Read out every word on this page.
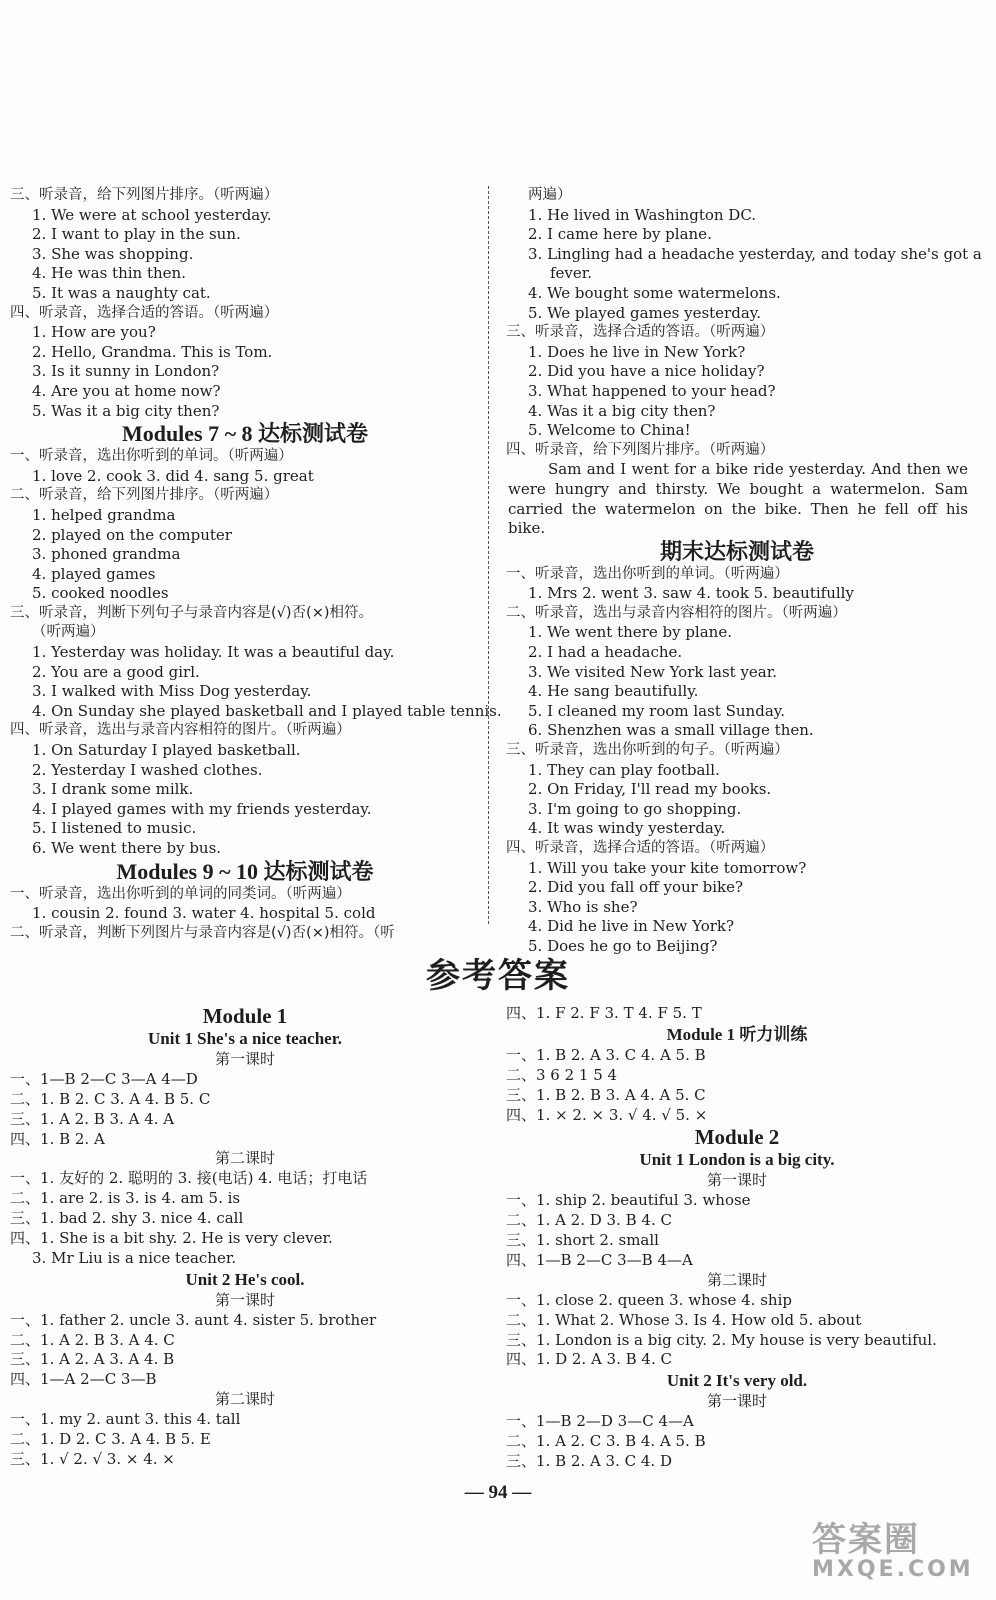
三、听录音，给下列图片排序。（听两遍）
1. We were at school yesterday.
2. I want to play in the sun.
3. She was shopping.
4. He was thin then.
5. It was a naughty cat.
四、听录音，选择合适的答语。（听两遍）
1. How are you?
2. Hello, Grandma. This is Tom.
3. Is it sunny in London?
4. Are you at home now?
5. Was it a big city then?
Modules 7 ~ 8 达标测试卷
一、听录音，选出你听到的单词。（听两遍）
1. love 2. cook 3. did 4. sang 5. great
二、听录音，给下列图片排序。（听两遍）
1. helped grandma
2. played on the computer
3. phoned grandma
4. played games
5. cooked noodles
三、听录音，判断下列句子与录音内容是(√)否(×)相符。
（听两遍）
1. Yesterday was holiday. It was a beautiful day.
2. You are a good girl.
3. I walked with Miss Dog yesterday.
4. On Sunday she played basketball and I played table tennis.
四、听录音，选出与录音内容相符的图片。（听两遍）
1. On Saturday I played basketball.
2. Yesterday I washed clothes.
3. I drank some milk.
4. I played games with my friends yesterday.
5. I listened to music.
6. We went there by bus.
Modules 9 ~ 10 达标测试卷
一、听录音，选出你听到的单词的同类词。（听两遍）
1. cousin 2. found 3. water 4. hospital 5. cold
二、听录音，判断下列图片与录音内容是(√)否(×)相符。（听
两遍）
1. He lived in Washington DC.
2. I came here by plane.
3. Lingling had a headache yesterday, and today she's got a
fever.
4. We bought some watermelons.
5. We played games yesterday.
三、听录音，选择合适的答语。（听两遍）
1. Does he live in New York?
2. Did you have a nice holiday?
3. What happened to your head?
4. Was it a big city then?
5. Welcome to China!
四、听录音，给下列图片排序。（听两遍）
Sam and I went for a bike ride yesterday. And then we were hungry and thirsty. We bought a watermelon. Sam carried the watermelon on the bike. Then he fell off his bike.
期末达标测试卷
一、听录音，选出你听到的单词。（听两遍）
1. Mrs 2. went 3. saw 4. took 5. beautifully
二、听录音，选出与录音内容相符的图片。（听两遍）
1. We went there by plane.
2. I had a headache.
3. We visited New York last year.
4. He sang beautifully.
5. I cleaned my room last Sunday.
6. Shenzhen was a small village then.
三、听录音，选出你听到的句子。（听两遍）
1. They can play football.
2. On Friday, I'll read my books.
3. I'm going to go shopping.
4. It was windy yesterday.
四、听录音，选择合适的答语。（听两遍）
1. Will you take your kite tomorrow?
2. Did you fall off your bike?
3. Who is she?
4. Did he live in New York?
5. Does he go to Beijing?
参考答案
Module 1
Unit 1 She's a nice teacher.
第一课时
一、1—B 2—C 3—A 4—D
二、1. B 2. C 3. A 4. B 5. C
三、1. A 2. B 3. A 4. A
四、1. B 2. A
第二课时
一、1. 友好的 2. 聪明的 3. 接(电话) 4. 电话；打电话
二、1. are 2. is 3. is 4. am 5. is
三、1. bad 2. shy 3. nice 4. call
四、1. She is a bit shy. 2. He is very clever.
3. Mr Liu is a nice teacher.
Unit 2 He's cool.
第一课时
一、1. father 2. uncle 3. aunt 4. sister 5. brother
二、1. A 2. B 3. A 4. C
三、1. A 2. A 3. A 4. B
四、1—A 2—C 3—B
第二课时
一、1. my 2. aunt 3. this 4. tall
二、1. D 2. C 3. A 4. B 5. E
三、1. √ 2. √ 3. × 4. ×
四、1. F 2. F 3. T 4. F 5. T
Module 1 听力训练
一、1. B 2. A 3. C 4. A 5. B
二、3 6 2 1 5 4
三、1. B 2. B 3. A 4. A 5. C
四、1. × 2. × 3. √ 4. √ 5. ×
Module 2
Unit 1 London is a big city.
第一课时
一、1. ship 2. beautiful 3. whose
二、1. A 2. D 3. B 4. C
三、1. short 2. small
四、1—B 2—C 3—B 4—A
第二课时
一、1. close 2. queen 3. whose 4. ship
二、1. What 2. Whose 3. Is 4. How old 5. about
三、1. London is a big city. 2. My house is very beautiful.
四、1. D 2. A 3. B 4. C
Unit 2 It's very old.
第一课时
一、1—B 2—D 3—C 4—A
二、1. A 2. C 3. B 4. A 5. B
三、1. B 2. A 3. C 4. D
— 94 —
答案圈
MXQE.COM
